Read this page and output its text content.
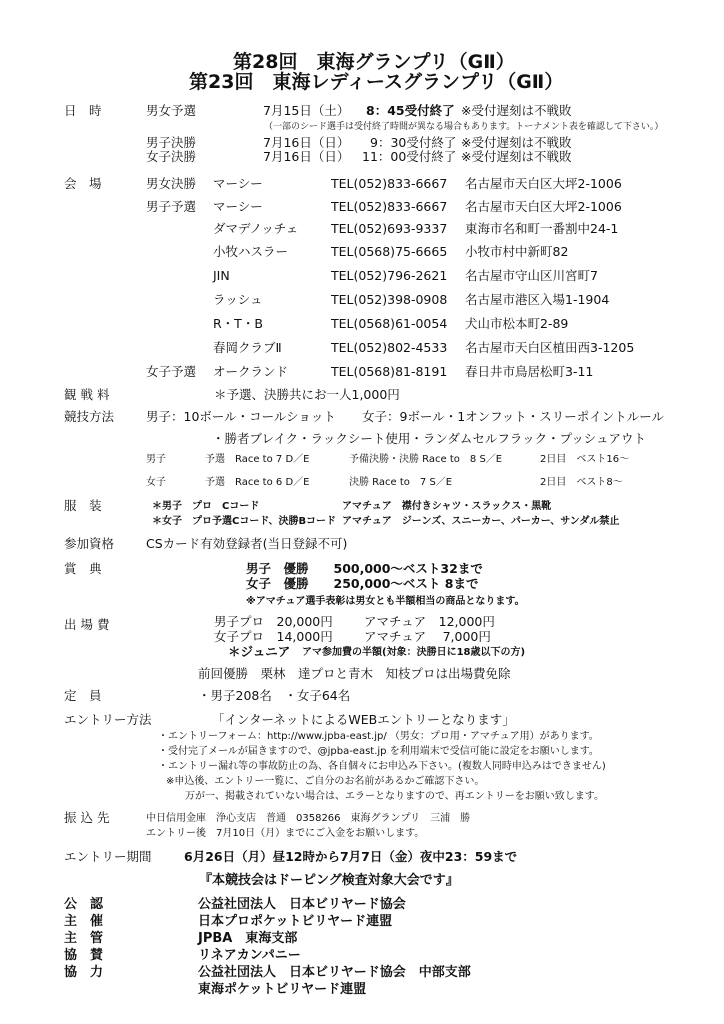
第28回　東海グランプリ（GⅡ）
第23回　東海レディースグランプリ（GⅡ）
日　時	男女予選	7月15日（土） 8：45受付終了 ※受付遅刻は不戦敗
（一部のシード選手は受付終了時間が異なる場合もあります。トーナメント表を確認して下さい。）
男子決勝	7月16日（日） 9：30受付終了 ※受付遅刻は不戦敗
女子決勝	7月16日（日） 11：00受付終了 ※受付遅刻は不戦敗
会　場	男女決勝 マーシー	TEL(052)833-6667 名古屋市天白区大坪2-1006
男子予選 マーシー	TEL(052)833-6667 名古屋市天白区大坪2-1006
ダマデノッチェ	TEL(052)693-9337 東海市名和町一番割中24-1
小牧ハスラー	TEL(0568)75-6665 小牧市村中新町82
JIN	TEL(052)796-2621 名古屋市守山区川宮町7
ラッシュ	TEL(052)398-0908 名古屋市港区入場1-1904
R・T・B	TEL(0568)61-0054 犬山市松本町2-89
春岡クラブⅡ	TEL(052)802-4533 名古屋市天白区植田西3-1205
女子予選 オークランド	TEL(0568)81-8191 春日井市鳥居松町3-11
観 戦 料	＊予選、決勝共にお一人1,000円
競技方法	男子：10ボール・コールショット 女子：9ボール・1オンフット・スリーポイントルール
・勝者ブレイク・ラックシート使用・ランダムセルフラック・プッシュアウト
男子	予選　Race to 7 D／E	予備決勝・決勝 Race to　8 S／E	2日目　ベスト16～
女子	予選　Race to 6 D／E	決勝 Race to　7 S／E	2日目　ベスト8～
服　装	＊男子　プロ　Cコード	アマチュア　襟付きシャツ・スラックス・黒靴
＊女子　プロ予選Cコード、決勝Bコード アマチュア　ジーンズ、スニーカー、パーカー、サンダル禁止
参加資格	CSカード有効登録者(当日登録不可)
賞　典	男子　優勝　　500,000～ベスト32まで
女子　優勝　　250,000～ベスト 8まで
※アマチュア選手表彰は男女とも半額相当の商品となります。
出 場 費	男子プロ　20,000円	アマチュア　12,000円
女子プロ　14,000円	アマチュア　 7,000円
＊ジュニア アマ参加費の半額(対象：決勝日に18歳以下の方)
前回優勝　栗林　達プロと青木　知枝プロは出場費免除
定　員	・男子208名　・女子64名
エントリー方法	「インターネットによるWEBエントリーとなります」
・エントリーフォーム：http://www.jpba-east.jp/ （男女：プロ用・アマチュア用）があります。
・受付完了メールが届きますので、@jpba-east.jp を利用端末で受信可能に設定をお願いします。
・エントリー漏れ等の事故防止の為、各自個々にお申込み下さい。(複数人同時申込みはできません)
※申込後、エントリー一覧に、ご自分のお名前があるかご確認下さい。
万が一、掲載されていない場合は、エラーとなりますので、再エントリーをお願い致します。
振 込 先	中日信用金庫　浄心支店　普通　0358266　東海グランプリ　三浦　勝
エントリー後　7月10日（月）までにご入金をお願いします。
エントリー期間	6月26日（月）昼12時から7月7日（金）夜中23：59まで
『本競技会はドーピング検査対象大会です』
公　認	公益社団法人　日本ビリヤード協会
主　催	日本プロポケットビリヤード連盟
主　管	JPBA　東海支部
協　賛	リネアカンパニー
協　力	公益社団法人　日本ビリヤード協会　中部支部
東海ポケットビリヤード連盟
